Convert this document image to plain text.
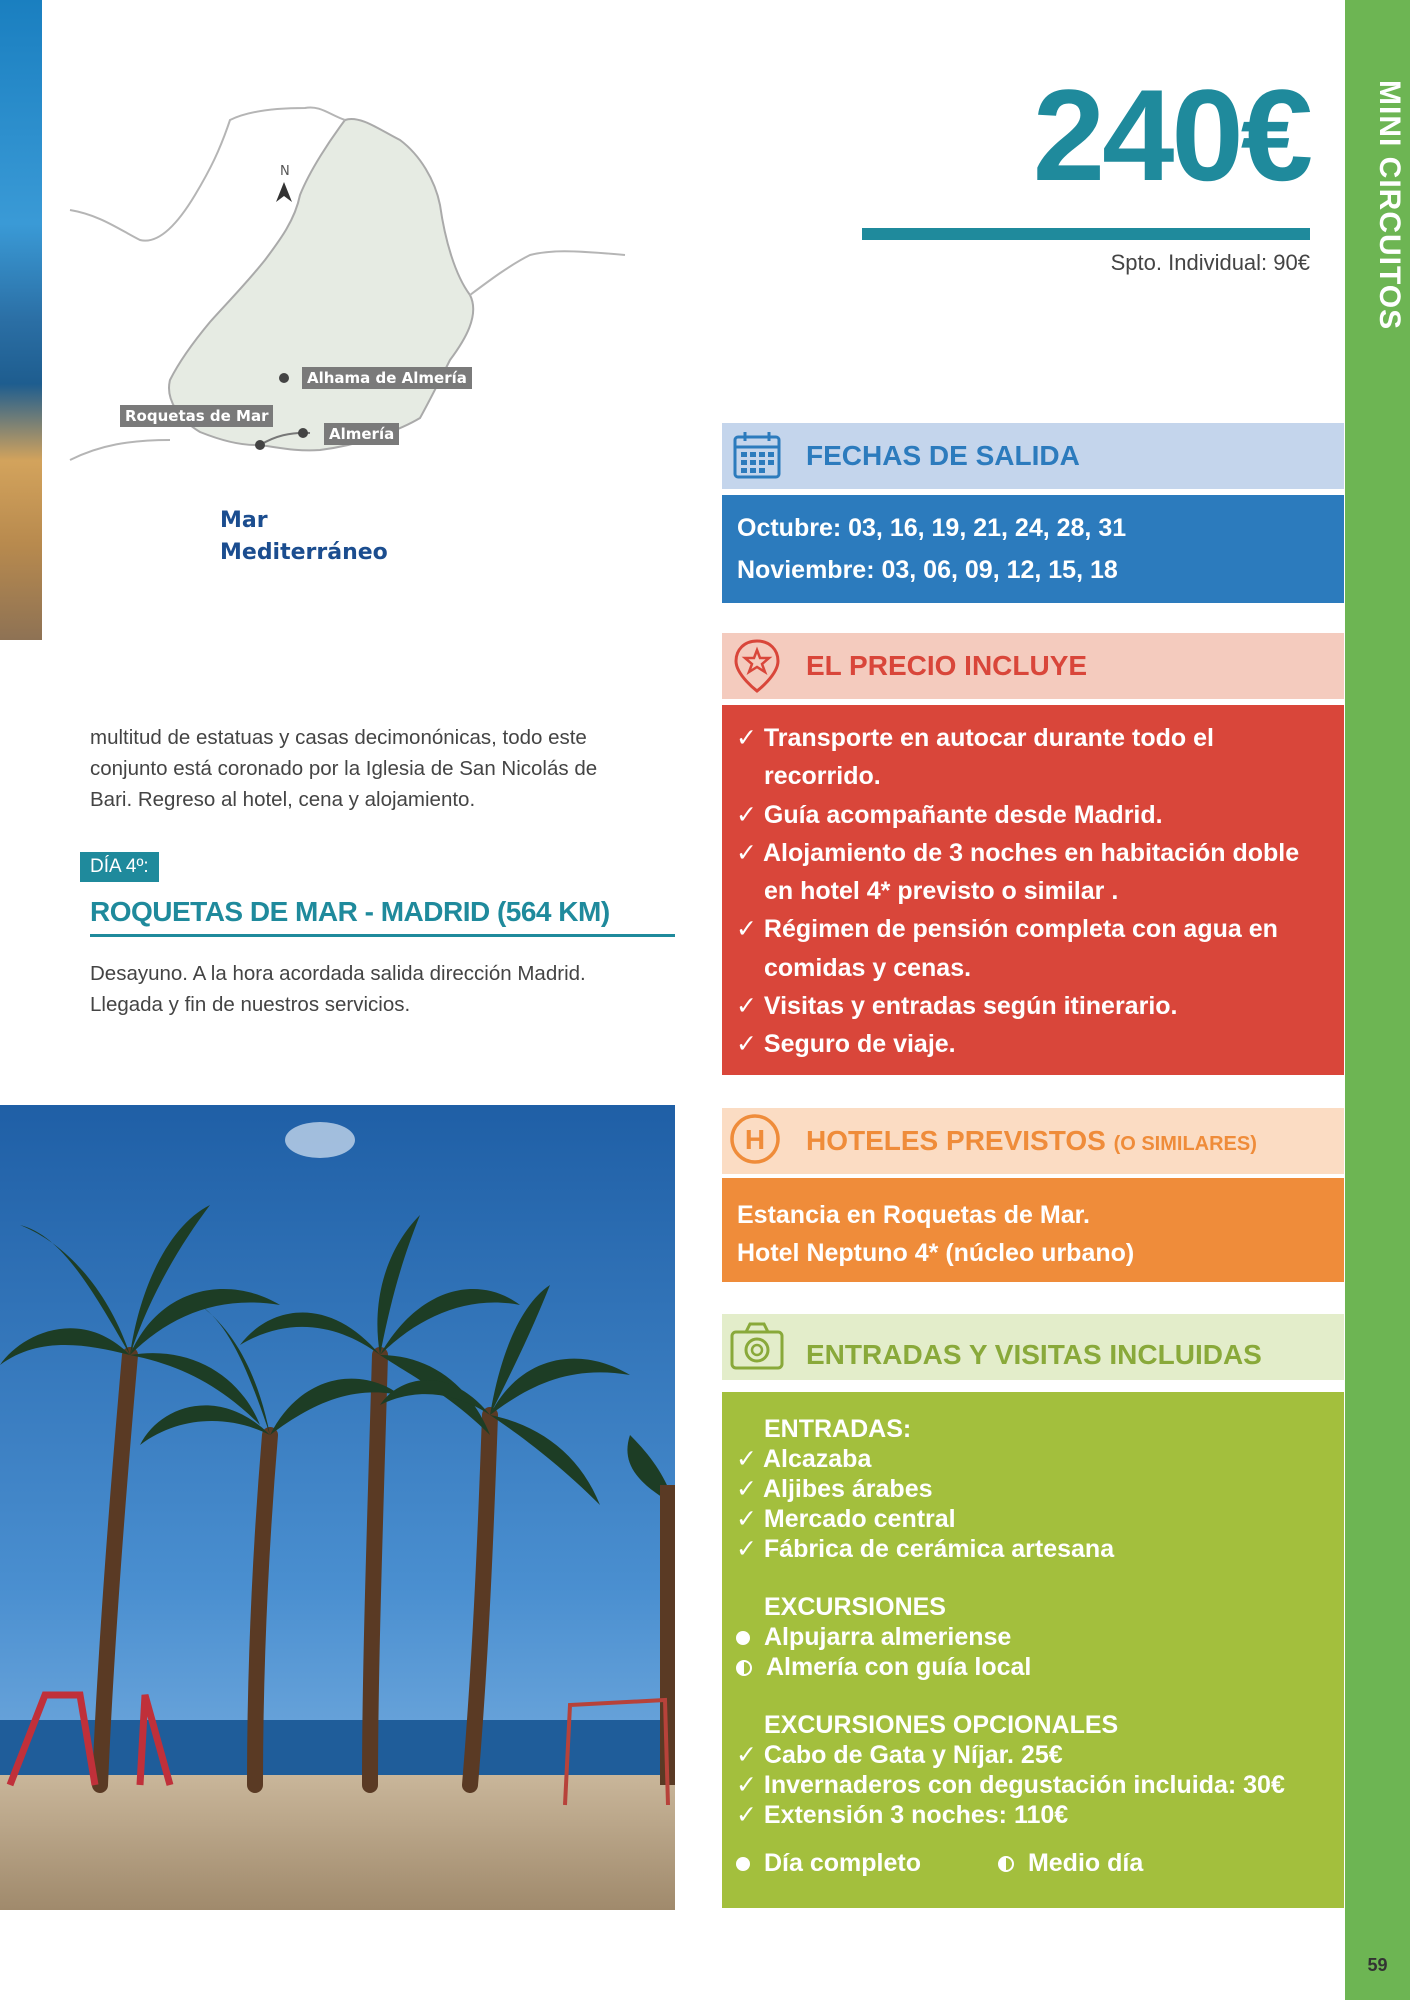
MINI CIRCUITOS
59
N
Alhama de Almería
Roquetas de Mar
Almería
Mar
Mediterráneo
240€
Spto. Individual: 90€
multitud de estatuas y casas decimonónicas, todo este
conjunto está coronado por la Iglesia de San Nicolás de
Bari. Regreso al hotel, cena y alojamiento.
DÍA 4º:
ROQUETAS DE MAR - MADRID (564 KM)
Desayuno. A la hora acordada salida dirección Madrid.
Llegada y fin de nuestros servicios.
FECHAS DE SALIDA
Octubre: 03, 16, 19, 21, 24, 28, 31
Noviembre: 03, 06, 09, 12, 15, 18
EL PRECIO INCLUYE
✓ Transporte en autocar durante todo el recorrido.
✓ Guía acompañante desde Madrid.
✓ Alojamiento de 3 noches en habitación doble en hotel 4* previsto o similar .
✓ Régimen de pensión completa con agua en comidas y cenas.
✓ Visitas y entradas según itinerario.
✓ Seguro de viaje.
H HOTELES PREVISTOS (O SIMILARES)
Estancia en Roquetas de Mar.
Hotel Neptuno 4* (núcleo urbano)
ENTRADAS Y VISITAS INCLUIDAS
ENTRADAS:
✓ Alcazaba
✓ Aljibes árabes
✓ Mercado central
✓ Fábrica de cerámica artesana
EXCURSIONES
Alpujarra almeriense
Almería con guía local
EXCURSIONES OPCIONALES
✓ Cabo de Gata y Níjar. 25€
✓ Invernaderos con degustación incluida: 30€
✓ Extensión 3 noches: 110€
Día completo	Medio día
